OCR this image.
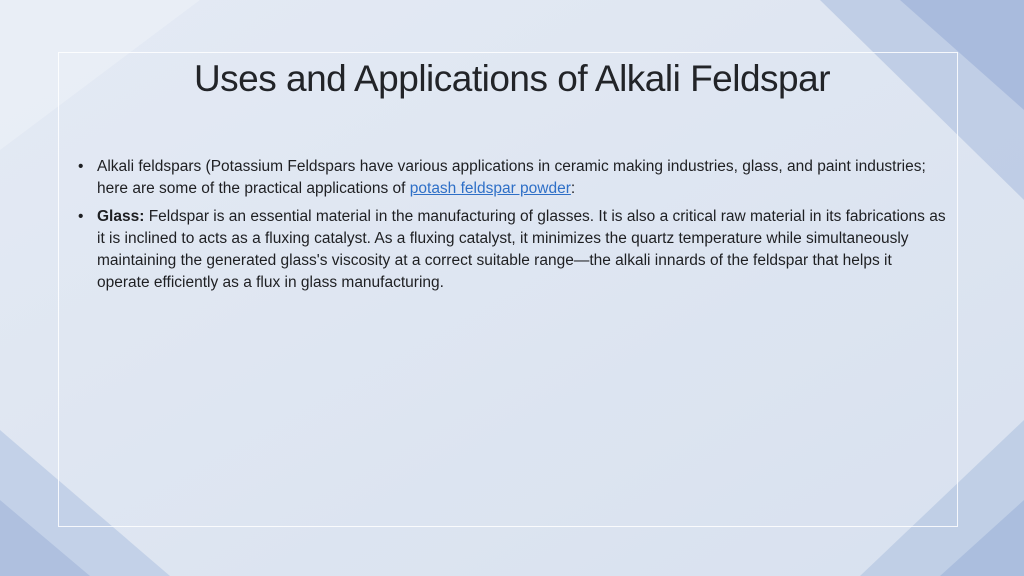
Uses and Applications of Alkali Feldspar
• Alkali feldspars (Potassium Feldspars have various applications in ceramic making industries, glass, and paint industries; here are some of the practical applications of potash feldspar powder:
• Glass: Feldspar is an essential material in the manufacturing of glasses. It is also a critical raw material in its fabrications as it is inclined to acts as a fluxing catalyst. As a fluxing catalyst, it minimizes the quartz temperature while simultaneously maintaining the generated glass's viscosity at a correct suitable range—the alkali innards of the feldspar that helps it operate efficiently as a flux in glass manufacturing.
